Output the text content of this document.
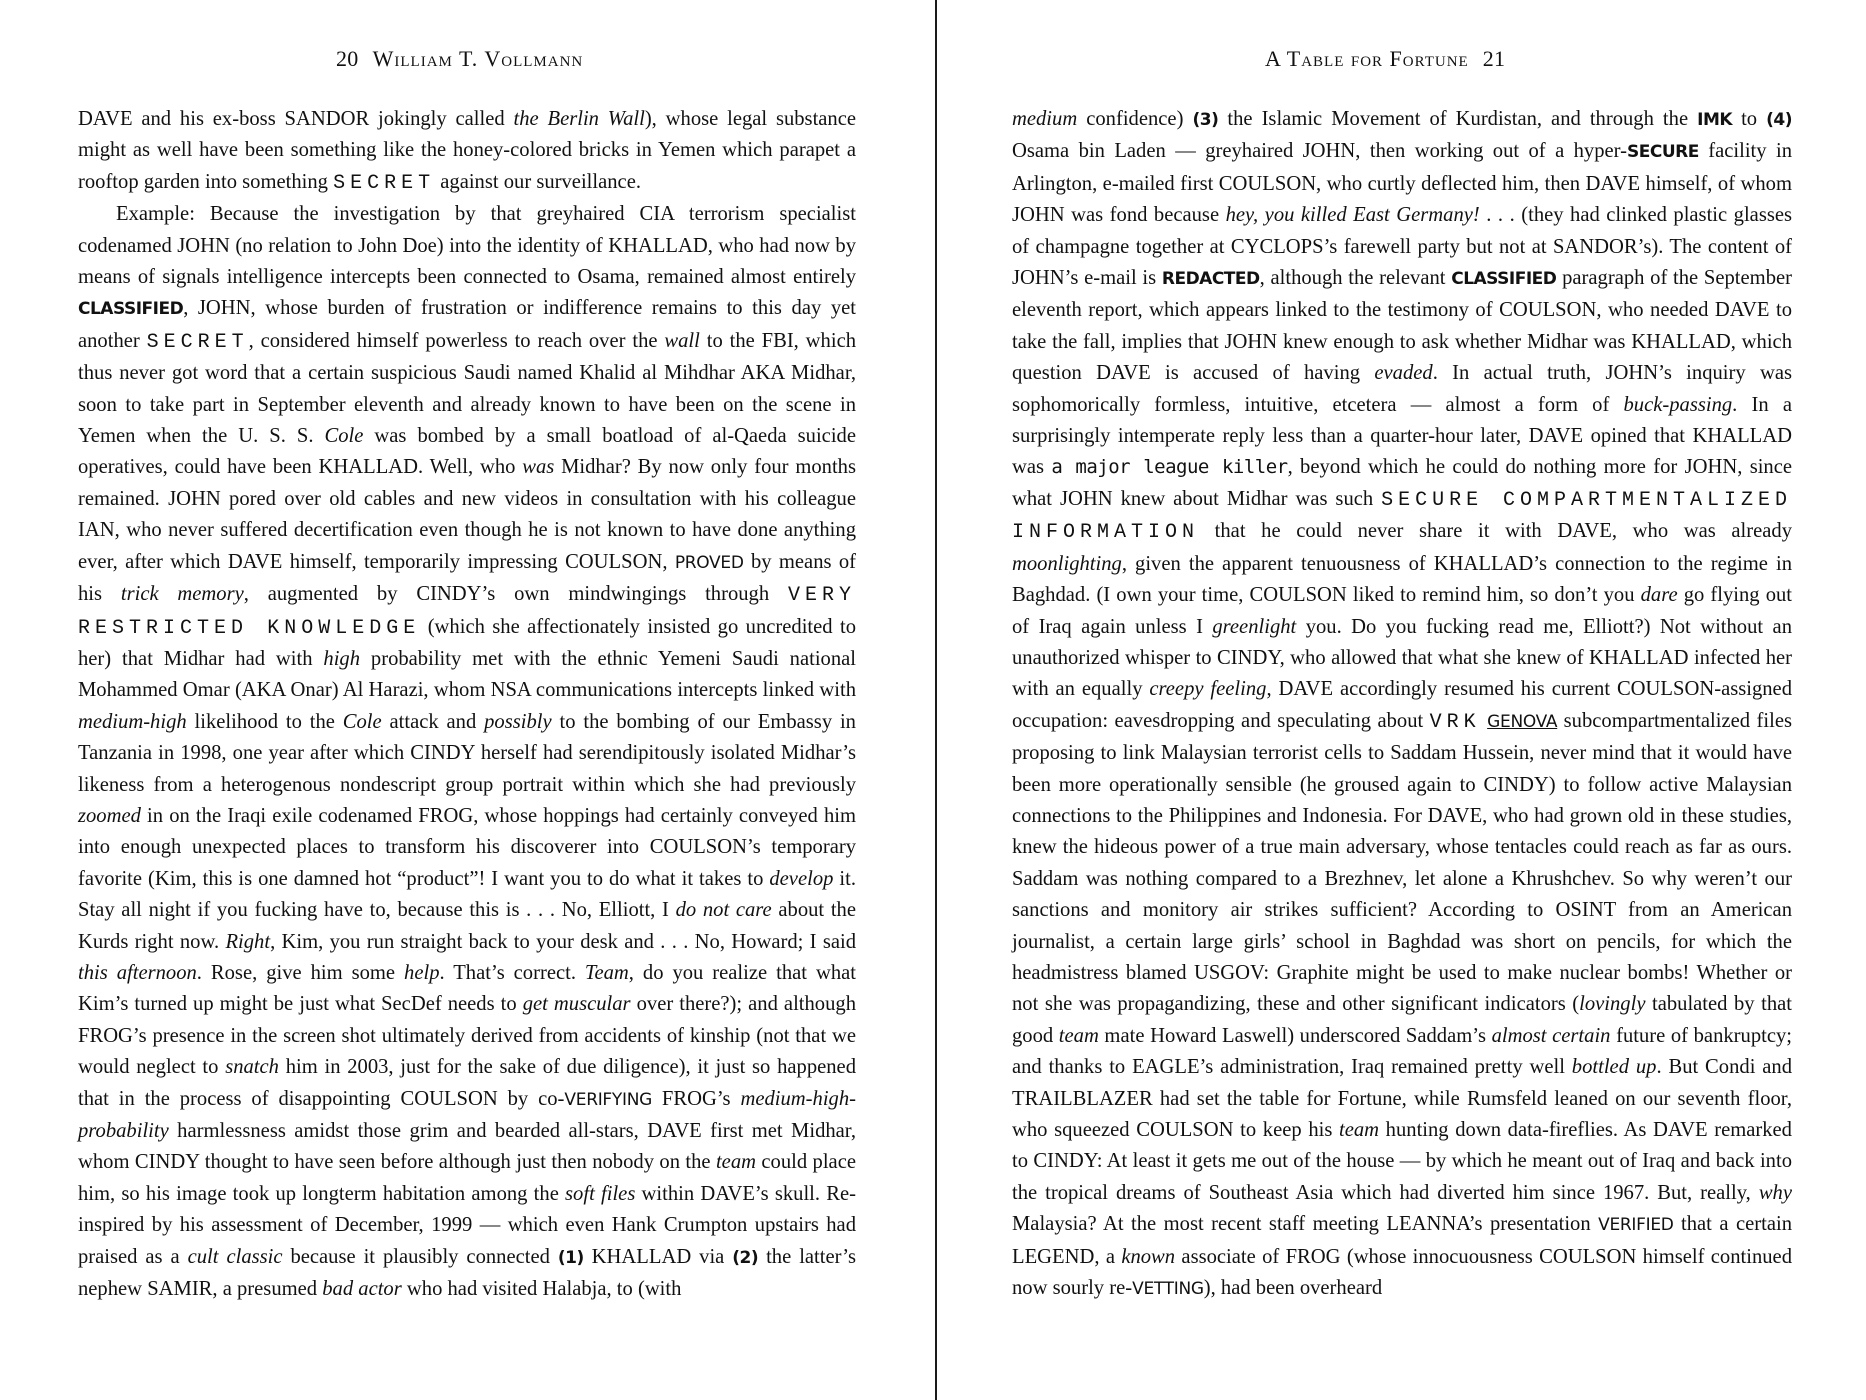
20 William T. Vollmann

DAVE and his ex-boss SANDOR jokingly called the Berlin Wall), whose legal substance might as well have been something like the honey-colored bricks in Yemen which parapet a rooftop garden into something SECRET against our surveillance.

Example: Because the investigation by that greyhaired CIA terrorism specialist codenamed JOHN (no relation to John Doe) into the identity of KHALLAD, who had now by means of signals intelligence intercepts been connected to Osama, remained almost entirely CLASSIFIED, JOHN, whose burden of frustration or indifference remains to this day yet another SECRET, considered himself powerless to reach over the wall to the FBI, which thus never got word that a certain suspicious Saudi named Khalid al Mihdhar AKA Midhar, soon to take part in September eleventh and already known to have been on the scene in Yemen when the U. S. S. Cole was bombed by a small boatload of al-Qaeda suicide operatives, could have been KHALLAD. Well, who was Midhar? By now only four months remained. JOHN pored over old cables and new videos in consultation with his colleague IAN, who never suffered decertification even though he is not known to have done anything ever, after which DAVE himself, temporarily impressing COULSON, PROVED by means of his trick memory, augmented by CINDY’s own mindwingings through VERY RESTRICTED KNOWLEDGE (which she affectionately insisted go uncredited to her) that Midhar had with high probability met with the ethnic Yemeni Saudi national Mohammed Omar (AKA Onar) Al Harazi, whom NSA communications intercepts linked with medium-high likelihood to the Cole attack and possibly to the bombing of our Embassy in Tanzania in 1998, one year after which CINDY herself had serendipitously isolated Midhar’s likeness from a heterogenous nondescript group portrait within which she had previously zoomed in on the Iraqi exile codenamed FROG, whose hoppings had certainly conveyed him into enough unexpected places to transform his discoverer into COULSON’s temporary favorite (Kim, this is one damned hot “product”! I want you to do what it takes to develop it. Stay all night if you fucking have to, because this is . . . No, Elliott, I do not care about the Kurds right now. Right, Kim, you run straight back to your desk and . . . No, Howard; I said this afternoon. Rose, give him some help. That’s correct. Team, do you realize that what Kim’s turned up might be just what SecDef needs to get muscular over there?); and although FROG’s presence in the screen shot ultimately derived from accidents of kinship (not that we would neglect to snatch him in 2003, just for the sake of due diligence), it just so happened that in the process of disappointing COULSON by co-VERIFYING FROG’s medium-high-probability harmlessness amidst those grim and bearded all-stars, DAVE first met Midhar, whom CINDY thought to have seen before although just then nobody on the team could place him, so his image took up longterm habitation among the soft files within DAVE’s skull. Re-inspired by his assessment of December, 1999 — which even Hank Crumpton upstairs had praised as a cult classic because it plausibly connected (1) KHALLAD via (2) the latter’s nephew SAMIR, a presumed bad actor who had visited Halabja, to (with

A Table for Fortune 21

medium confidence) (3) the Islamic Movement of Kurdistan, and through the IMK to (4) Osama bin Laden — greyhaired JOHN, then working out of a hyper-SECURE facility in Arlington, e-mailed first COULSON, who curtly deflected him, then DAVE himself, of whom JOHN was fond because hey, you killed East Germany! . . . (they had clinked plastic glasses of champagne together at CYCLOPS’s farewell party but not at SANDOR’s). The content of JOHN’s e-mail is REDACTED, although the relevant CLASSIFIED paragraph of the September eleventh report, which appears linked to the testimony of COULSON, who needed DAVE to take the fall, implies that JOHN knew enough to ask whether Midhar was KHALLAD, which question DAVE is accused of having evaded. In actual truth, JOHN’s inquiry was sophomorically formless, intuitive, etcetera — almost a form of buck-passing. In a surprisingly intemperate reply less than a quarter-hour later, DAVE opined that KHALLAD was a major league killer, beyond which he could do nothing more for JOHN, since what JOHN knew about Midhar was such SECURE COMPARTMENTALIZED INFORMATION that he could never share it with DAVE, who was already moonlighting, given the apparent tenuousness of KHALLAD’s connection to the regime in Baghdad. (I own your time, COULSON liked to remind him, so don’t you dare go flying out of Iraq again unless I greenlight you. Do you fucking read me, Elliott?) Not without an unauthorized whisper to CINDY, who allowed that what she knew of KHALLAD infected her with an equally creepy feeling, DAVE accordingly resumed his current COULSON-assigned occupation: eavesdropping and speculating about VRK GENOVA subcompartmentalized files proposing to link Malaysian terrorist cells to Saddam Hussein, never mind that it would have been more operationally sensible (he groused again to CINDY) to follow active Malaysian connections to the Philippines and Indonesia. For DAVE, who had grown old in these studies, knew the hideous power of a true main adversary, whose tentacles could reach as far as ours. Saddam was nothing compared to a Brezhnev, let alone a Khrushchev. So why weren’t our sanctions and monitory air strikes sufficient? According to OSINT from an American journalist, a certain large girls’ school in Baghdad was short on pencils, for which the headmistress blamed USGOV: Graphite might be used to make nuclear bombs! Whether or not she was propagandizing, these and other significant indicators (lovingly tabulated by that good team mate Howard Laswell) underscored Saddam’s almost certain future of bankruptcy; and thanks to EAGLE’s administration, Iraq remained pretty well bottled up. But Condi and TRAILBLAZER had set the table for Fortune, while Rumsfeld leaned on our seventh floor, who squeezed COULSON to keep his team hunting down data-fireflies. As DAVE remarked to CINDY: At least it gets me out of the house — by which he meant out of Iraq and back into the tropical dreams of Southeast Asia which had diverted him since 1967. But, really, why Malaysia? At the most recent staff meeting LEANNA’s presentation VERIFIED that a certain LEGEND, a known associate of FROG (whose innocuousness COULSON himself continued now sourly re-VETTING), had been overheard
